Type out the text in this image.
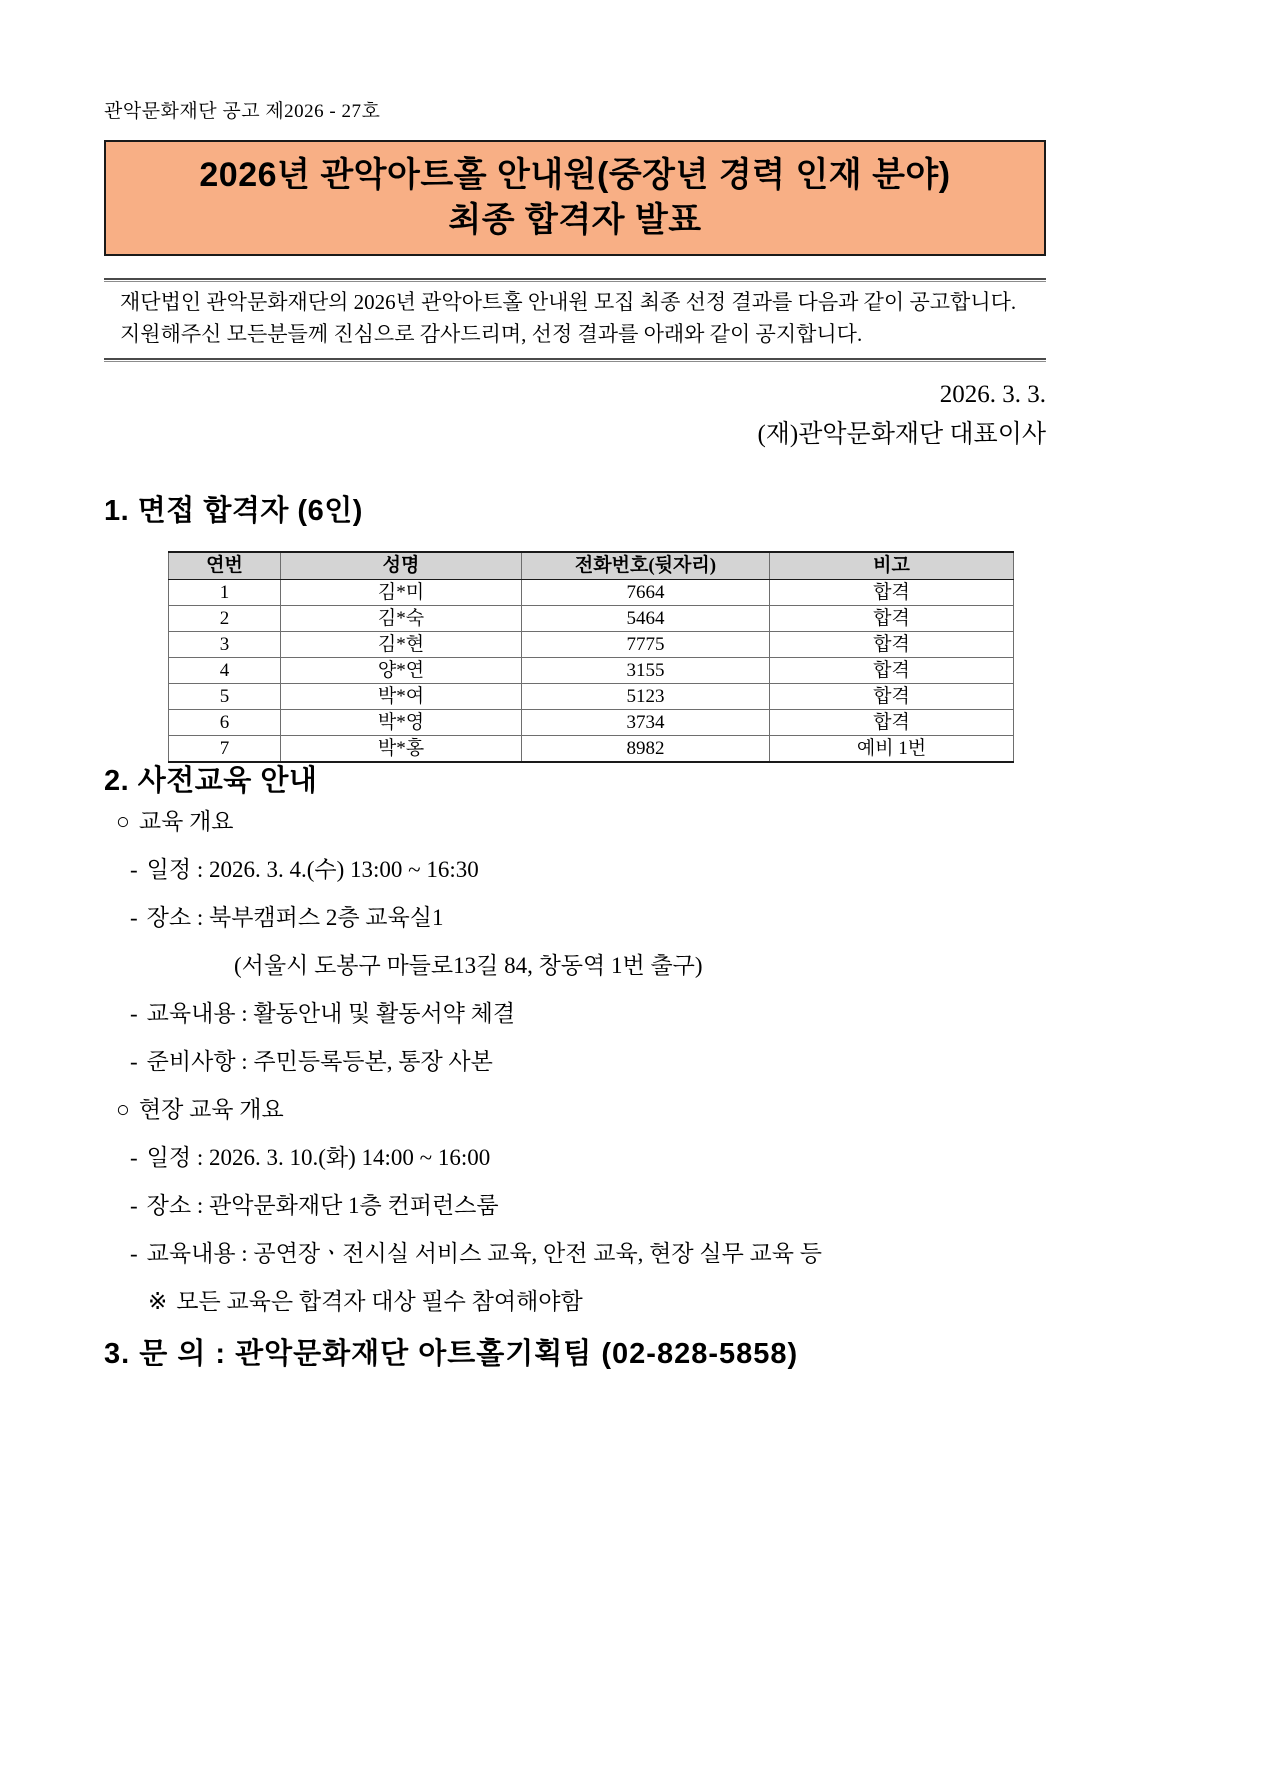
관악문화재단 공고 제2026 - 27호
2026년 관악아트홀 안내원(중장년 경력 인재 분야)
최종 합격자 발표

재단법인 관악문화재단의 2026년 관악아트홀 안내원 모집 최종 선정 결과를 다음과 같이 공고합니다.

지원해주신 모든분들께 진심으로 감사드리며, 선정 결과를 아래와 같이 공지합니다.

2026. 3. 3.
(재)관악문화재단 대표이사
1. 면접 합격자 (6인)
연번	성명	전화번호(뒷자리)	비고
1	김*미	7664	합격
2	김*숙	5464	합격
3	김*현	7775	합격
4	양*연	3155	합격
5	박*여	5123	합격
6	박*영	3734	합격
7	박*홍	8982	예비 1번
2. 사전교육 안내
○ 교육 개요
- 일정 : 2026. 3. 4.(수) 13:00 ~ 16:30
- 장소 : 북부캠퍼스 2층 교육실1
(서울시 도봉구 마들로13길 84, 창동역 1번 출구)
- 교육내용 : 활동안내 및 활동서약 체결
- 준비사항 : 주민등록등본, 통장 사본
○ 현장 교육 개요
- 일정 : 2026. 3. 10.(화) 14:00 ~ 16:00
- 장소 : 관악문화재단 1층 컨퍼런스룸
- 교육내용 : 공연장ㆍ전시실 서비스 교육, 안전 교육, 현장 실무 교육 등
※ 모든 교육은 합격자 대상 필수 참여해야함
3. 문 의 : 관악문화재단 아트홀기획팀 (02-828-5858)
